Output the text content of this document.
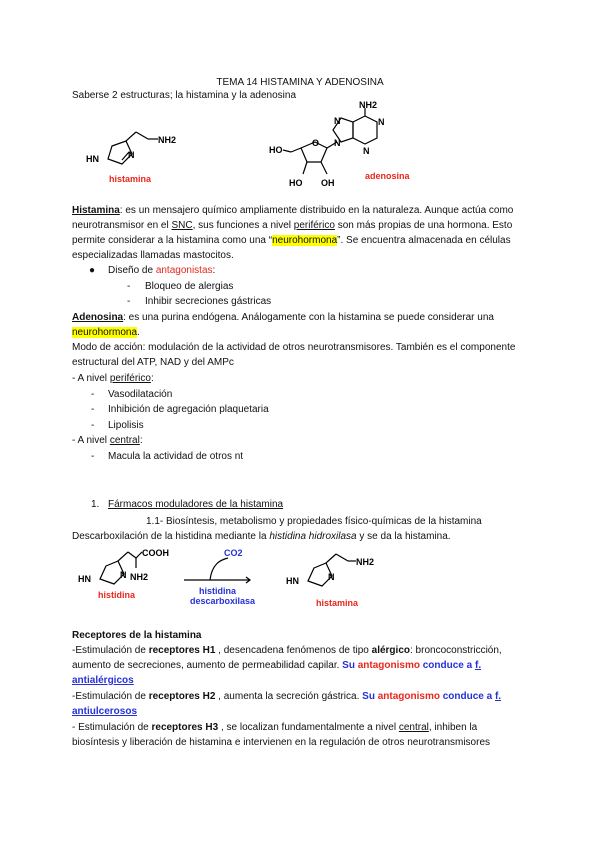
TEMA 14 HISTAMINA Y ADENOSINA
Saberse 2 estructuras; la histamina y la adenosina
NH2
HN	N
histamina
NH2
HO
O
HO OH
N
N
N
N
adenosina
Histamina: es un mensajero químico ampliamente distribuido en la naturaleza. Aunque actúa como
neurotransmisor en el SNC, sus funciones a nivel periférico son más propias de una hormona. Esto
permite considerar a la histamina como una “neurohormona”. Se encuentra almacenada en células
especializadas llamadas mastocitos.
● Diseño de antagonistas:
- Bloqueo de alergias
- Inhibir secreciones gástricas
Adenosina: es una purina endógena. Análogamente con la histamina se puede considerar una
neurohormona.
Modo de acción: modulación de la actividad de otros neurotransmisores. También es el componente
estructural del ATP, NAD y del AMPc
- A nivel periférico:
- Vasodilatación
- Inhibición de agregación plaquetaria
- Lipolisis
- A nivel central:
- Macula la actividad de otros nt
1. Fármacos moduladores de la histamina
1.1- Biosíntesis, metabolismo y propiedades físico-químicas de la histamina
Descarboxilación de la histidina mediante la histidina hidroxilasa y se da la histamina.
COOH
NH2
HN	N
histidina
CO2
histidina
descarboxilasa
HN	N
NH2
histamina
Receptores de la histamina
-Estimulación de receptores H1 , desencadena fenómenos de tipo alérgico: broncoconstricción,
aumento de secreciones, aumento de permeabilidad capilar. Su antagonismo conduce a f.
antialérgicos
-Estimulación de receptores H2 , aumenta la secreción gástrica. Su antagonismo conduce a f.
antiulcerosos
- Estimulación de receptores H3 , se localizan fundamentalmente a nivel central, inhiben la
biosíntesis y liberación de histamina e intervienen en la regulación de otros neurotransmisores
